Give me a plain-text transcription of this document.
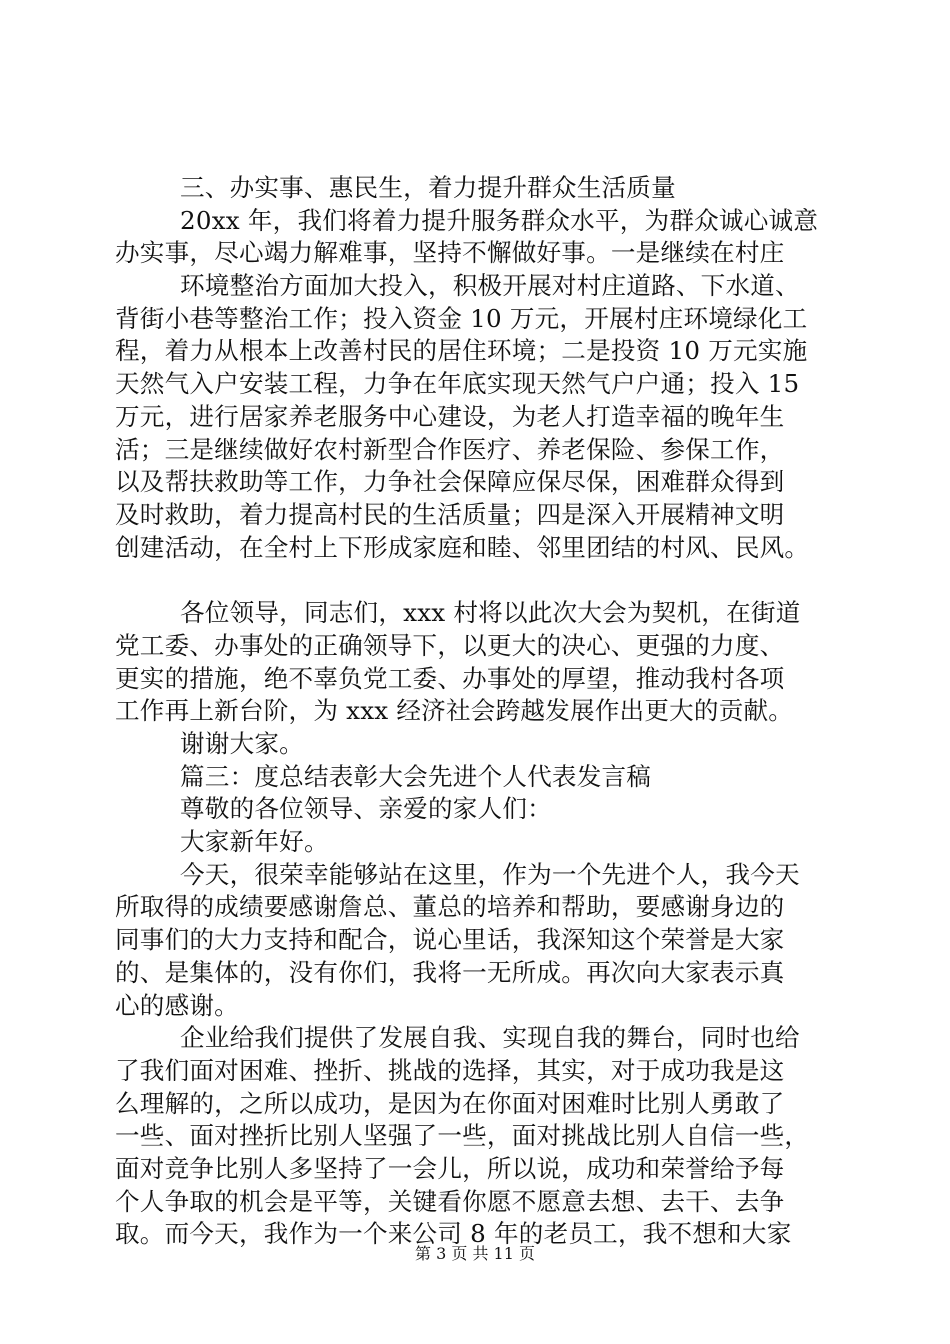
三、办实事、惠民生，着力提升群众生活质量
20xx 年，我们将着力提升服务群众水平，为群众诚心诚意
办实事，尽心竭力解难事，坚持不懈做好事。一是继续在村庄
环境整治方面加大投入，积极开展对村庄道路、下水道、
背街小巷等整治工作；投入资金 10 万元，开展村庄环境绿化工
程，着力从根本上改善村民的居住环境；二是投资 10 万元实施
天然气入户安装工程，力争在年底实现天然气户户通；投入 15
万元，进行居家养老服务中心建设，为老人打造幸福的晚年生
活；三是继续做好农村新型合作医疗、养老保险、参保工作，
以及帮扶救助等工作，力争社会保障应保尽保，困难群众得到
及时救助，着力提高村民的生活质量；四是深入开展精神文明
创建活动，在全村上下形成家庭和睦、邻里团结的村风、民风。
各位领导，同志们，xxx 村将以此次大会为契机，在街道
党工委、办事处的正确领导下，以更大的决心、更强的力度、
更实的措施，绝不辜负党工委、办事处的厚望，推动我村各项
工作再上新台阶，为 xxx 经济社会跨越发展作出更大的贡献。
谢谢大家。
篇三：度总结表彰大会先进个人代表发言稿
尊敬的各位领导、亲爱的家人们：
大家新年好。
今天，很荣幸能够站在这里，作为一个先进个人，我今天
所取得的成绩要感谢詹总、董总的培养和帮助，要感谢身边的
同事们的大力支持和配合，说心里话，我深知这个荣誉是大家
的、是集体的，没有你们，我将一无所成。再次向大家表示真
心的感谢。
企业给我们提供了发展自我、实现自我的舞台，同时也给
了我们面对困难、挫折、挑战的选择，其实，对于成功我是这
么理解的，之所以成功，是因为在你面对困难时比别人勇敢了
一些、面对挫折比别人坚强了一些，面对挑战比别人自信一些，
面对竞争比别人多坚持了一会儿，所以说，成功和荣誉给予每
个人争取的机会是平等，关键看你愿不愿意去想、去干、去争
取。而今天，我作为一个来公司 8 年的老员工，我不想和大家
第 3 页 共 11 页
